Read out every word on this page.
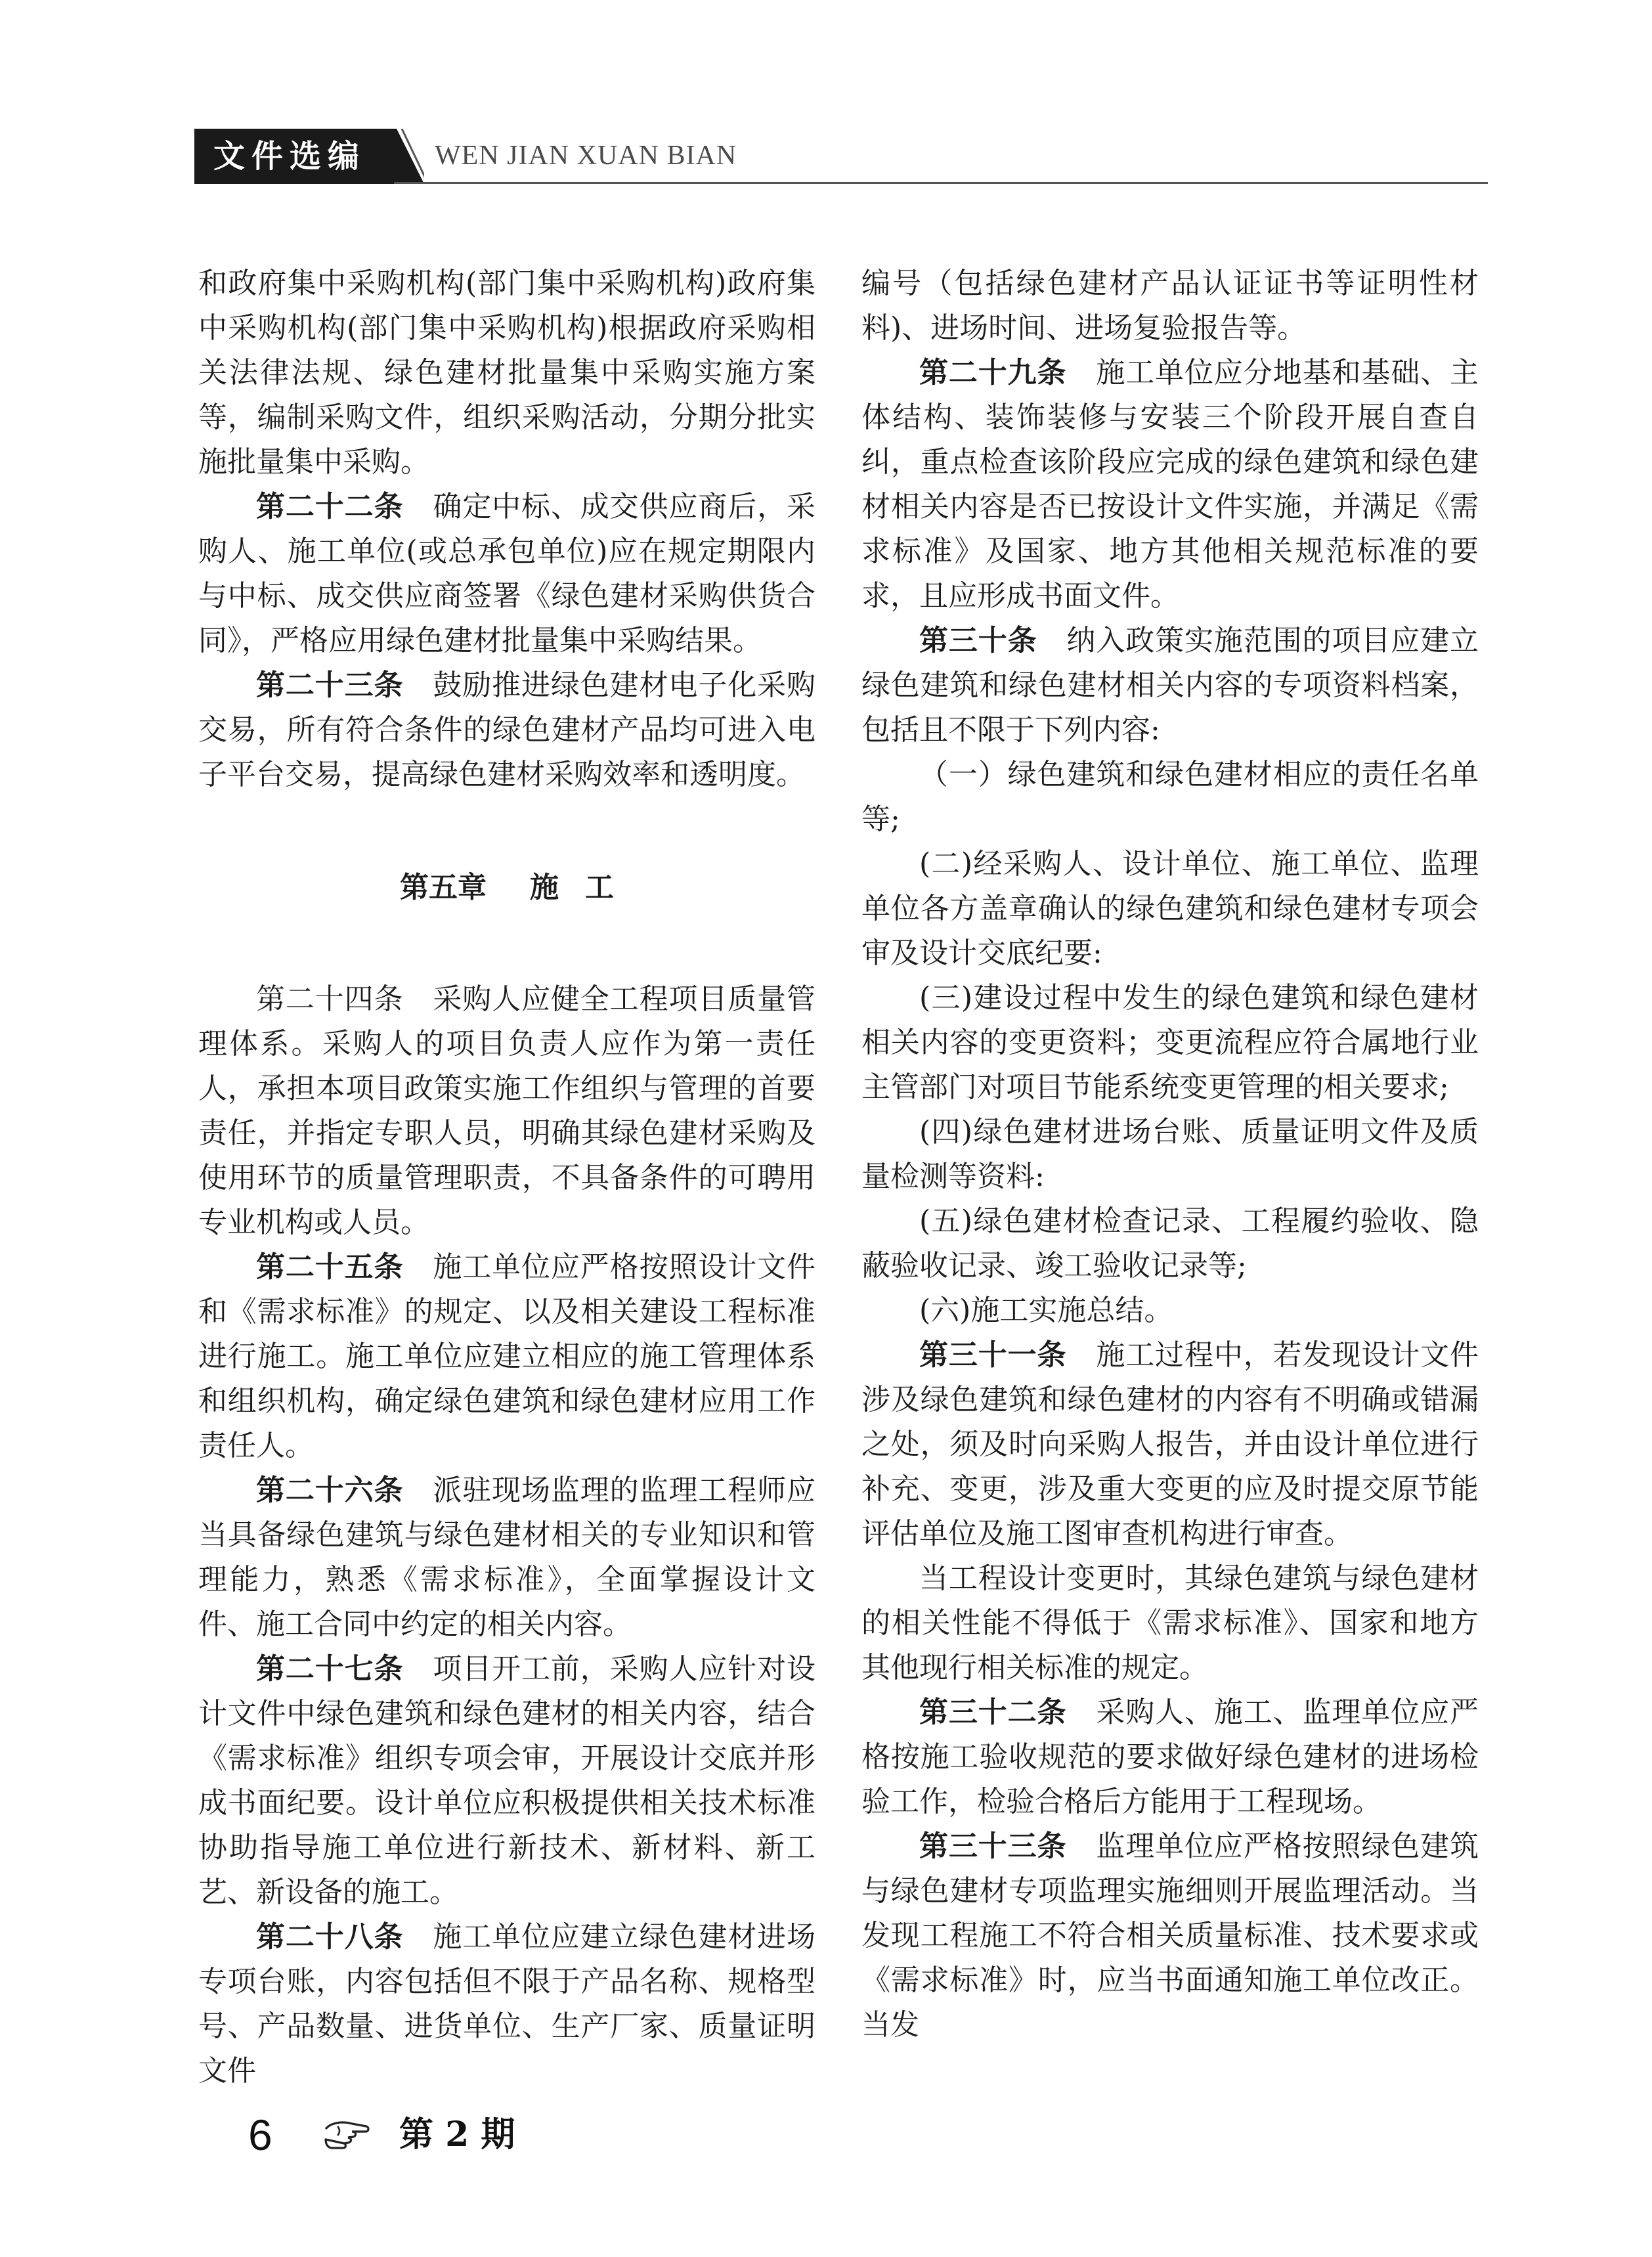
文件选编	WEN JIAN XUAN BIAN

和政府集中采购机构(部门集中采购机构)政府集中采购机构(部门集中采购机构)根据政府采购相关法律法规、绿色建材批量集中采购实施方案等，编制采购文件，组织采购活动，分期分批实施批量集中采购。

第二十二条  确定中标、成交供应商后，采购人、施工单位(或总承包单位)应在规定期限内与中标、成交供应商签署《绿色建材采购供货合同》，严格应用绿色建材批量集中采购结果。

第二十三条  鼓励推进绿色建材电子化采购交易，所有符合条件的绿色建材产品均可进入电子平台交易，提高绿色建材采购效率和透明度。

第五章 施 工

第二十四条  采购人应健全工程项目质量管理体系。采购人的项目负责人应作为第一责任人，承担本项目政策实施工作组织与管理的首要责任，并指定专职人员，明确其绿色建材采购及使用环节的质量管理职责，不具备条件的可聘用专业机构或人员。

第二十五条  施工单位应严格按照设计文件和《需求标准》的规定、以及相关建设工程标准进行施工。施工单位应建立相应的施工管理体系和组织机构，确定绿色建筑和绿色建材应用工作责任人。

第二十六条  派驻现场监理的监理工程师应当具备绿色建筑与绿色建材相关的专业知识和管理能力，熟悉《需求标准》，全面掌握设计文件、施工合同中约定的相关内容。

第二十七条  项目开工前，采购人应针对设计文件中绿色建筑和绿色建材的相关内容，结合《需求标准》组织专项会审，开展设计交底并形成书面纪要。设计单位应积极提供相关技术标准协助指导施工单位进行新技术、新材料、新工艺、新设备的施工。

第二十八条  施工单位应建立绿色建材进场专项台账，内容包括但不限于产品名称、规格型号、产品数量、进货单位、生产厂家、质量证明文件

编号（包括绿色建材产品认证证书等证明性材料)、进场时间、进场复验报告等。

第二十九条  施工单位应分地基和基础、主体结构、装饰装修与安装三个阶段开展自查自纠，重点检查该阶段应完成的绿色建筑和绿色建材相关内容是否已按设计文件实施，并满足《需求标准》及国家、地方其他相关规范标准的要求，且应形成书面文件。

第三十条  纳入政策实施范围的项目应建立绿色建筑和绿色建材相关内容的专项资料档案，包括且不限于下列内容:

（一）绿色建筑和绿色建材相应的责任名单等;

(二)经采购人、设计单位、施工单位、监理单位各方盖章确认的绿色建筑和绿色建材专项会审及设计交底纪要:

(三)建设过程中发生的绿色建筑和绿色建材相关内容的变更资料；变更流程应符合属地行业主管部门对项目节能系统变更管理的相关要求;

(四)绿色建材进场台账、质量证明文件及质量检测等资料:

(五)绿色建材检查记录、工程履约验收、隐蔽验收记录、竣工验收记录等;

(六)施工实施总结。

第三十一条  施工过程中，若发现设计文件涉及绿色建筑和绿色建材的内容有不明确或错漏之处，须及时向采购人报告，并由设计单位进行补充、变更，涉及重大变更的应及时提交原节能评估单位及施工图审查机构进行审查。

当工程设计变更时，其绿色建筑与绿色建材的相关性能不得低于《需求标准》、国家和地方其他现行相关标准的规定。

第三十二条  采购人、施工、监理单位应严格按施工验收规范的要求做好绿色建材的进场检验工作，检验合格后方能用于工程现场。

第三十三条  监理单位应严格按照绿色建筑与绿色建材专项监理实施细则开展监理活动。当发现工程施工不符合相关质量标准、技术要求或《需求标准》时，应当书面通知施工单位改正。当发

6	第 2 期
